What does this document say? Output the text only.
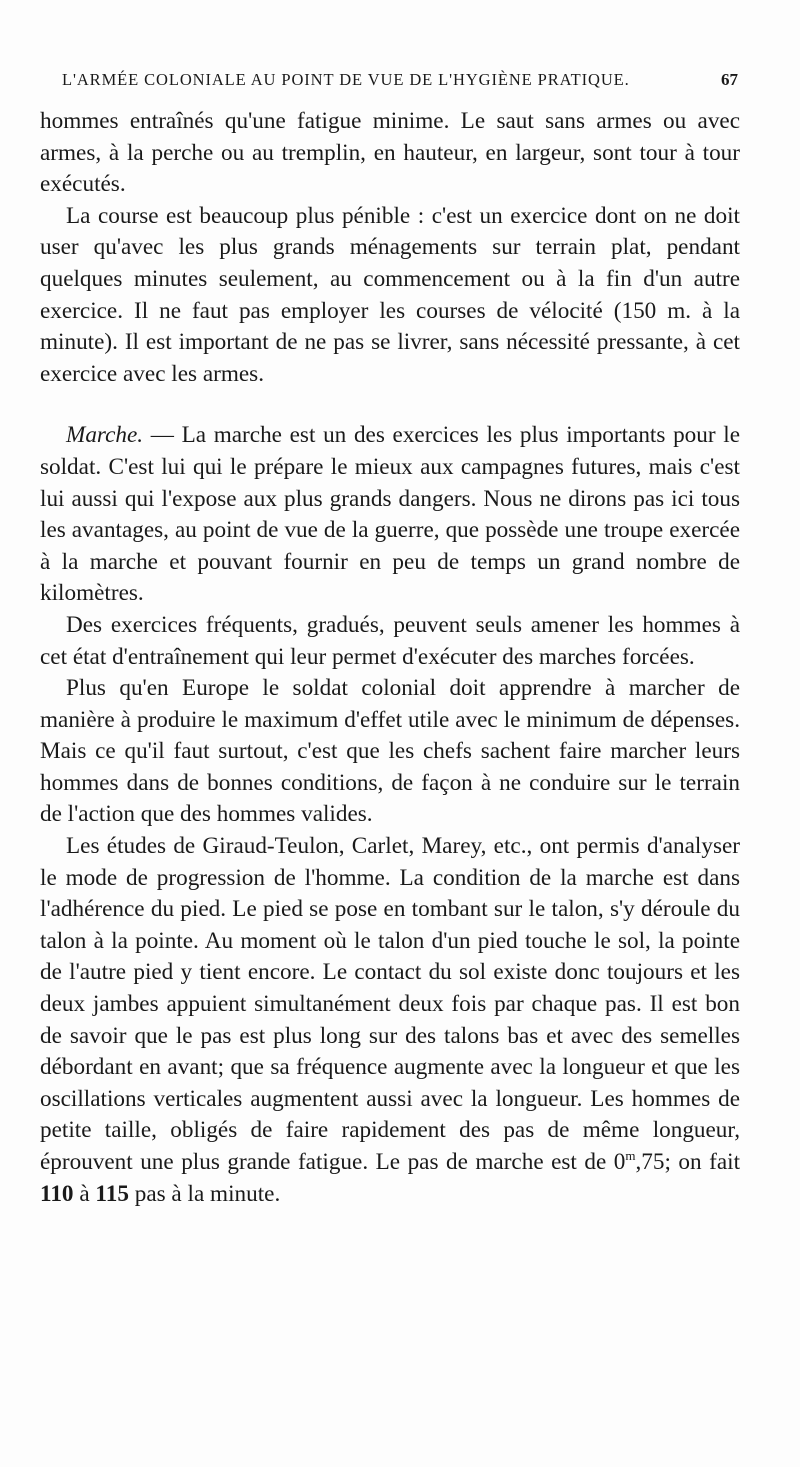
L'ARMÉE COLONIALE AU POINT DE VUE DE L'HYGIÈNE PRATIQUE.	67

hommes entraînés qu'une fatigue minime. Le saut sans armes ou avec armes, à la perche ou au tremplin, en hauteur, en largeur, sont tour à tour exécutés.

La course est beaucoup plus pénible : c'est un exercice dont on ne doit user qu'avec les plus grands ménagements sur terrain plat, pendant quelques minutes seulement, au commencement ou à la fin d'un autre exercice. Il ne faut pas employer les courses de vélocité (150 m. à la minute). Il est important de ne pas se livrer, sans nécessité pressante, à cet exercice avec les armes.

Marche. — La marche est un des exercices les plus importants pour le soldat. C'est lui qui le prépare le mieux aux campagnes futures, mais c'est lui aussi qui l'expose aux plus grands dangers. Nous ne dirons pas ici tous les avantages, au point de vue de la guerre, que possède une troupe exercée à la marche et pouvant fournir en peu de temps un grand nombre de kilomètres.

Des exercices fréquents, gradués, peuvent seuls amener les hommes à cet état d'entraînement qui leur permet d'exécuter des marches forcées.

Plus qu'en Europe le soldat colonial doit apprendre à marcher de manière à produire le maximum d'effet utile avec le minimum de dépenses. Mais ce qu'il faut surtout, c'est que les chefs sachent faire marcher leurs hommes dans de bonnes conditions, de façon à ne conduire sur le terrain de l'action que des hommes valides.

Les études de Giraud-Teulon, Carlet, Marey, etc., ont permis d'analyser le mode de progression de l'homme. La condition de la marche est dans l'adhérence du pied. Le pied se pose en tombant sur le talon, s'y déroule du talon à la pointe. Au moment où le talon d'un pied touche le sol, la pointe de l'autre pied y tient encore. Le contact du sol existe donc toujours et les deux jambes appuient simultanément deux fois par chaque pas. Il est bon de savoir que le pas est plus long sur des talons bas et avec des semelles débordant en avant; que sa fréquence augmente avec la longueur et que les oscillations verticales augmentent aussi avec la longueur. Les hommes de petite taille, obligés de faire rapidement des pas de même longueur, éprouvent une plus grande fatigue. Le pas de marche est de 0$^m$,75; on fait 110 à 115 pas à la minute.
